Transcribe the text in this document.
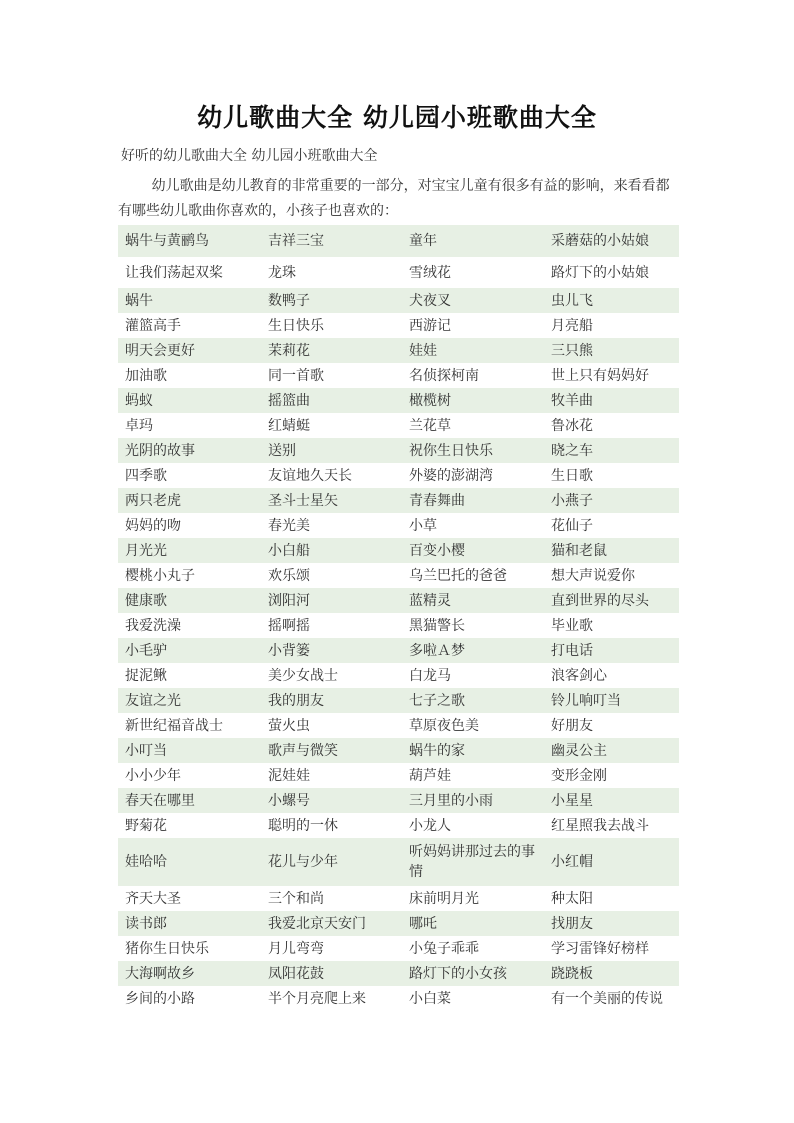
幼儿歌曲大全 幼儿园小班歌曲大全
好听的幼儿歌曲大全 幼儿园小班歌曲大全
幼儿歌曲是幼儿教育的非常重要的一部分，对宝宝儿童有很多有益的影响，来看看都有哪些幼儿歌曲你喜欢的，小孩子也喜欢的：
蜗牛与黄鹂鸟	吉祥三宝	童年	采蘑菇的小姑娘
让我们荡起双桨	龙珠	雪绒花	路灯下的小姑娘
蜗牛	数鸭子	犬夜叉	虫儿飞
灌篮高手	生日快乐	西游记	月亮船
明天会更好	茉莉花	娃娃	三只熊
加油歌	同一首歌	名侦探柯南	世上只有妈妈好
蚂蚁	摇篮曲	橄榄树	牧羊曲
卓玛	红蜻蜓	兰花草	鲁冰花
光阴的故事	送别	祝你生日快乐	晓之车
四季歌	友谊地久天长	外婆的澎湖湾	生日歌
两只老虎	圣斗士星矢	青春舞曲	小燕子
妈妈的吻	春光美	小草	花仙子
月光光	小白船	百变小樱	猫和老鼠
樱桃小丸子	欢乐颂	乌兰巴托的爸爸	想大声说爱你
健康歌	浏阳河	蓝精灵	直到世界的尽头
我爱洗澡	摇啊摇	黑猫警长	毕业歌
小毛驴	小背篓	多啦Ａ梦	打电话
捉泥鳅	美少女战士	白龙马	浪客剑心
友谊之光	我的朋友	七子之歌	铃儿响叮当
新世纪福音战士	萤火虫	草原夜色美	好朋友
小叮当	歌声与微笑	蜗牛的家	幽灵公主
小小少年	泥娃娃	葫芦娃	变形金刚
春天在哪里	小螺号	三月里的小雨	小星星
野菊花	聪明的一休	小龙人	红星照我去战斗
娃哈哈	花儿与少年	听妈妈讲那过去的事情	小红帽
齐天大圣	三个和尚	床前明月光	种太阳
读书郎	我爱北京天安门	哪吒	找朋友
猪你生日快乐	月儿弯弯	小兔子乖乖	学习雷锋好榜样
大海啊故乡	凤阳花鼓	路灯下的小女孩	跷跷板
乡间的小路	半个月亮爬上来	小白菜	有一个美丽的传说
